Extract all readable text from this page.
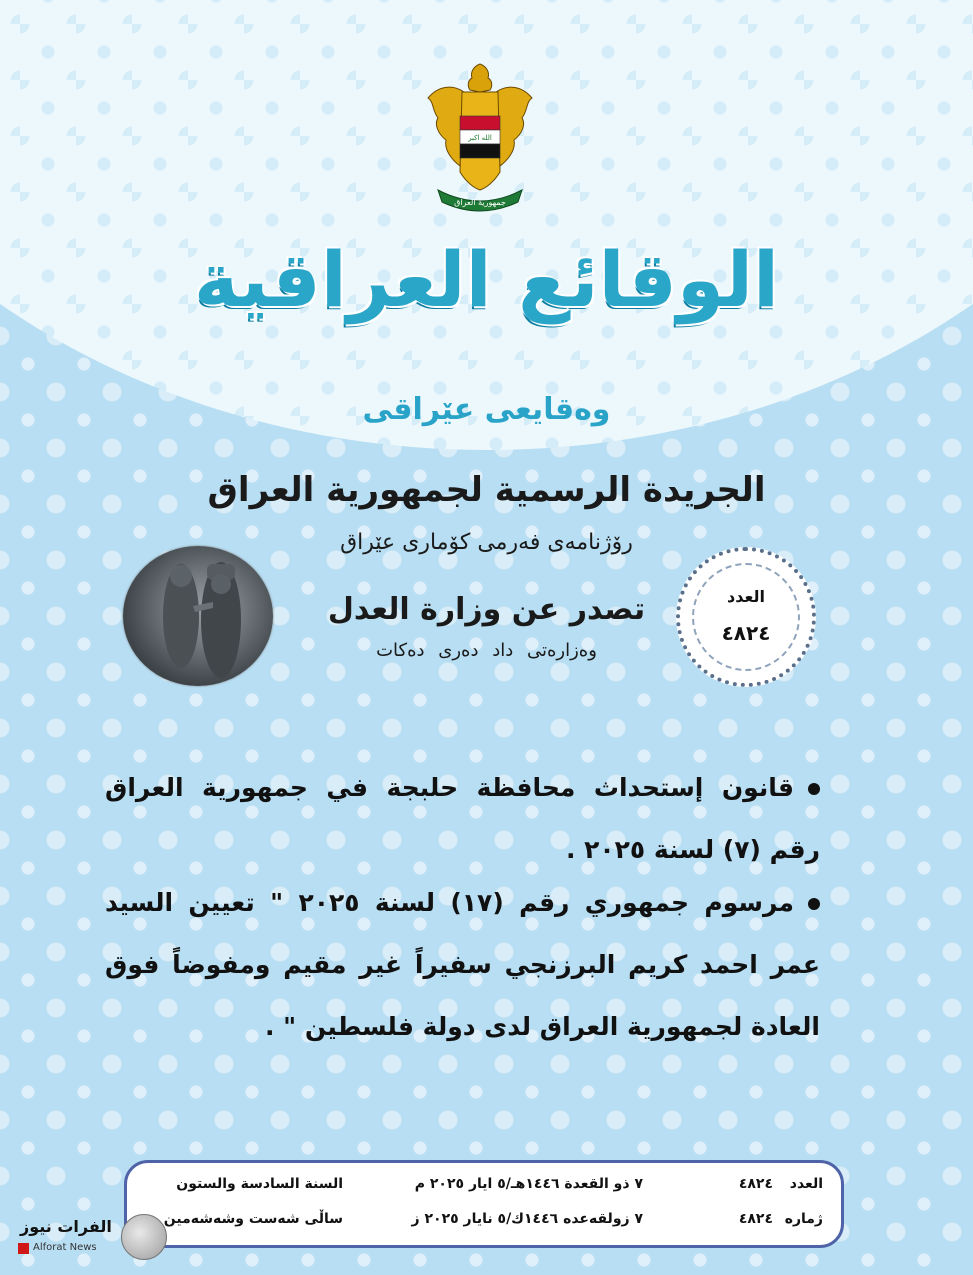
الله اكبر
جمهورية العراق
الوقائع العراقية
وەقایعی عێراقی
الجريدة الرسمية لجمهورية العراق
رۆژنامەی فەرمی كۆماری عێراق
تصدر عن وزارة العدل
وەزارەتی داد دەری دەكات
العدد
٤٨٢٤
قانون إستحداث محافظة حلبجة في جمهورية العراق رقم (٧) لسنة ٢٠٢٥ .
مرسوم جمهوري رقم (١٧) لسنة ٢٠٢٥ " تعيين السيد عمر احمد كريم البرزنجي سفيراً غير مقيم ومفوضاً فوق العادة لجمهورية العراق لدى دولة فلسطين " .
العدد
٤٨٢٤
٧ ذو القعدة ١٤٤٦هـ/٥ ايار ٢٠٢٥ م
السنة السادسة والستون
ژمارە
٤٨٢٤
٧ زولقەعدە ١٤٤٦ك/٥ نایار ٢٠٢٥ ز
ساڵی شەست وشەشەمین
الفرات نيوز
Alforat News
